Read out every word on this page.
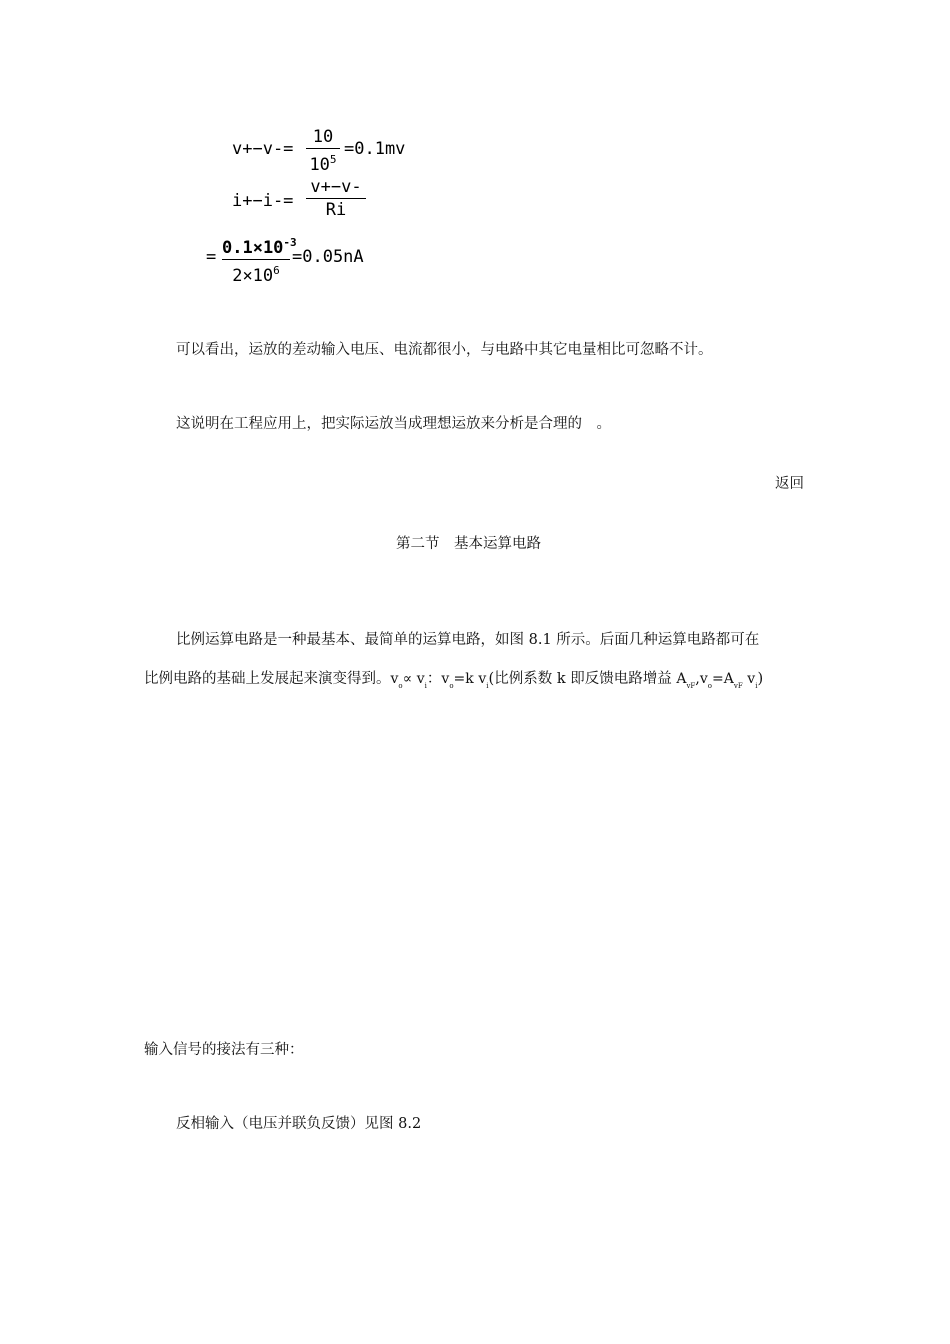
v+−v-=
10
$10^5$
=0.1mv
i+−i-=
v+−v-
Ri
= $0.1\times 10^{-3}$
$2\times 10^6$
=0.05nA
可以看出，运放的差动输入电压、电流都很小，与电路中其它电量相比可忽略不计。
这说明在工程应用上，把实际运放当成理想运放来分析是合理的　。
返回
第二节　基本运算电路
比例运算电路是一种最基本、最简单的运算电路，如图 8.1 所示。后面几种运算电路都可在
比例电路的基础上发展起来演变得到。$v_o\propto v_i$：$v_o=k$ $v_i$(比例系数 k 即反馈电路增益 $A_{vF},v_o=A_{vF}$ $v_i$)
输入信号的接法有三种：
反相输入（电压并联负反馈）见图 8.2
